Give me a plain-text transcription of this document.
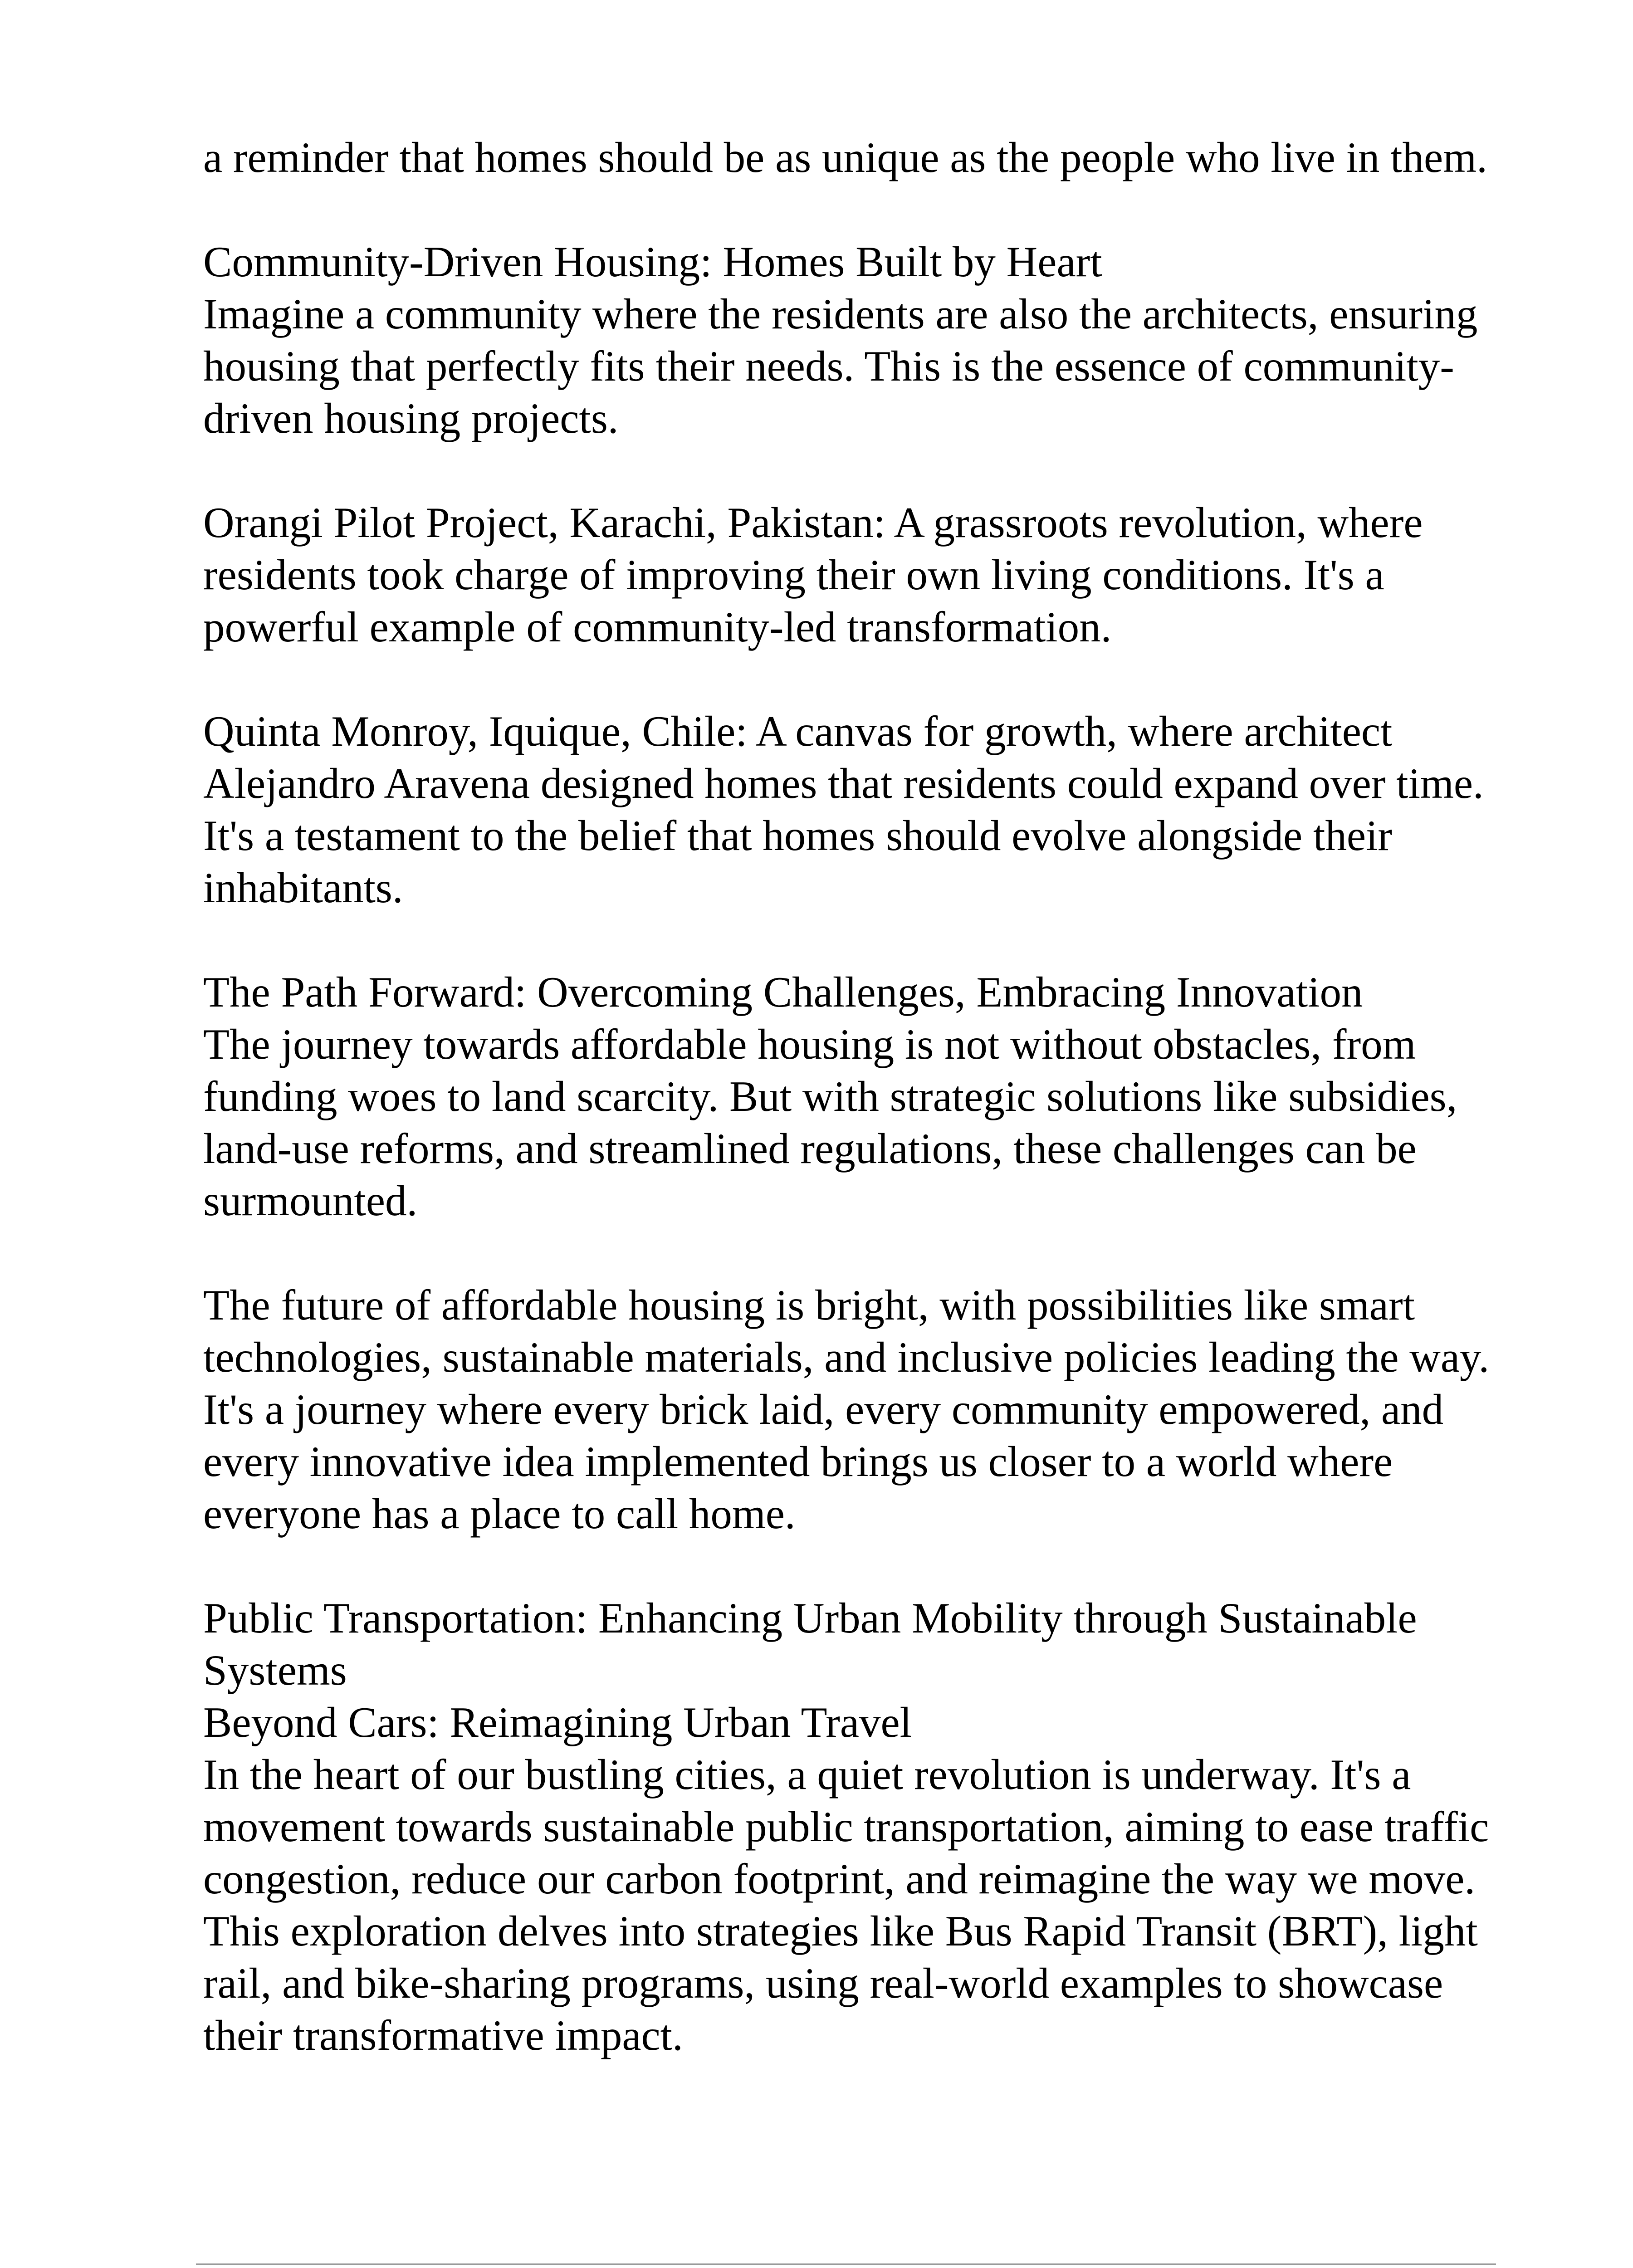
a reminder that homes should be as unique as the people who live in them.

Community-Driven Housing: Homes Built by Heart
Imagine a community where the residents are also the architects, ensuring housing that perfectly fits their needs. This is the essence of community-driven housing projects.

Orangi Pilot Project, Karachi, Pakistan: A grassroots revolution, where residents took charge of improving their own living conditions. It's a powerful example of community-led transformation.

Quinta Monroy, Iquique, Chile: A canvas for growth, where architect Alejandro Aravena designed homes that residents could expand over time. It's a testament to the belief that homes should evolve alongside their inhabitants.

The Path Forward: Overcoming Challenges, Embracing Innovation
The journey towards affordable housing is not without obstacles, from funding woes to land scarcity. But with strategic solutions like subsidies, land-use reforms, and streamlined regulations, these challenges can be surmounted.

The future of affordable housing is bright, with possibilities like smart technologies, sustainable materials, and inclusive policies leading the way. It's a journey where every brick laid, every community empowered, and every innovative idea implemented brings us closer to a world where everyone has a place to call home.

Public Transportation: Enhancing Urban Mobility through Sustainable Systems
Beyond Cars: Reimagining Urban Travel
In the heart of our bustling cities, a quiet revolution is underway. It's a movement towards sustainable public transportation, aiming to ease traffic congestion, reduce our carbon footprint, and reimagine the way we move. This exploration delves into strategies like Bus Rapid Transit (BRT), light rail, and bike-sharing programs, using real-world examples to showcase their transformative impact.
